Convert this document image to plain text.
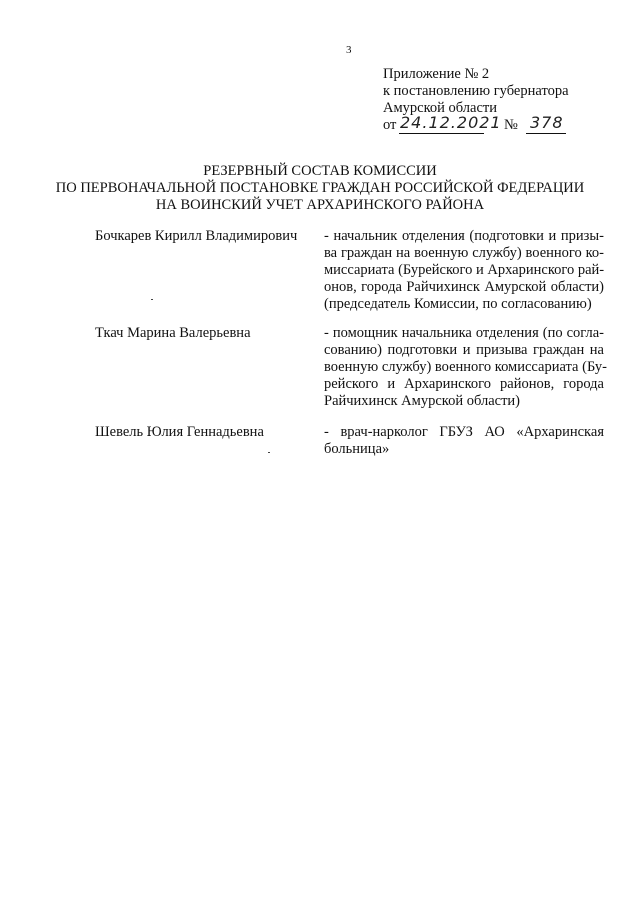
3
Приложение № 2
к постановлению губернатора
Амурской области
от 24.12.2021 № 378
РЕЗЕРВНЫЙ СОСТАВ КОМИССИИ
ПО ПЕРВОНАЧАЛЬНОЙ ПОСТАНОВКЕ ГРАЖДАН РОССИЙСКОЙ ФЕДЕРАЦИИ
НА ВОИНСКИЙ УЧЕТ АРХАРИНСКОГО РАЙОНА
Бочкарев Кирилл Владимирович - начальник отделения (подготовки и призы-
ва граждан на военную службу) военного ко-
миссариата (Бурейского и Архаринского рай-
онов, города Райчихинск Амурской области)
(председатель Комиссии, по согласованию)
Ткач Марина Валерьевна	- помощник начальника отделения (по согла-
сованию) подготовки и призыва граждан на
военную службу) военного комиссариата (Бу-
рейского и Архаринского районов, города
Райчихинск Амурской области)
Шевель Юлия Геннадьевна	- врач-нарколог ГБУЗ АО «Архаринская
больница»
